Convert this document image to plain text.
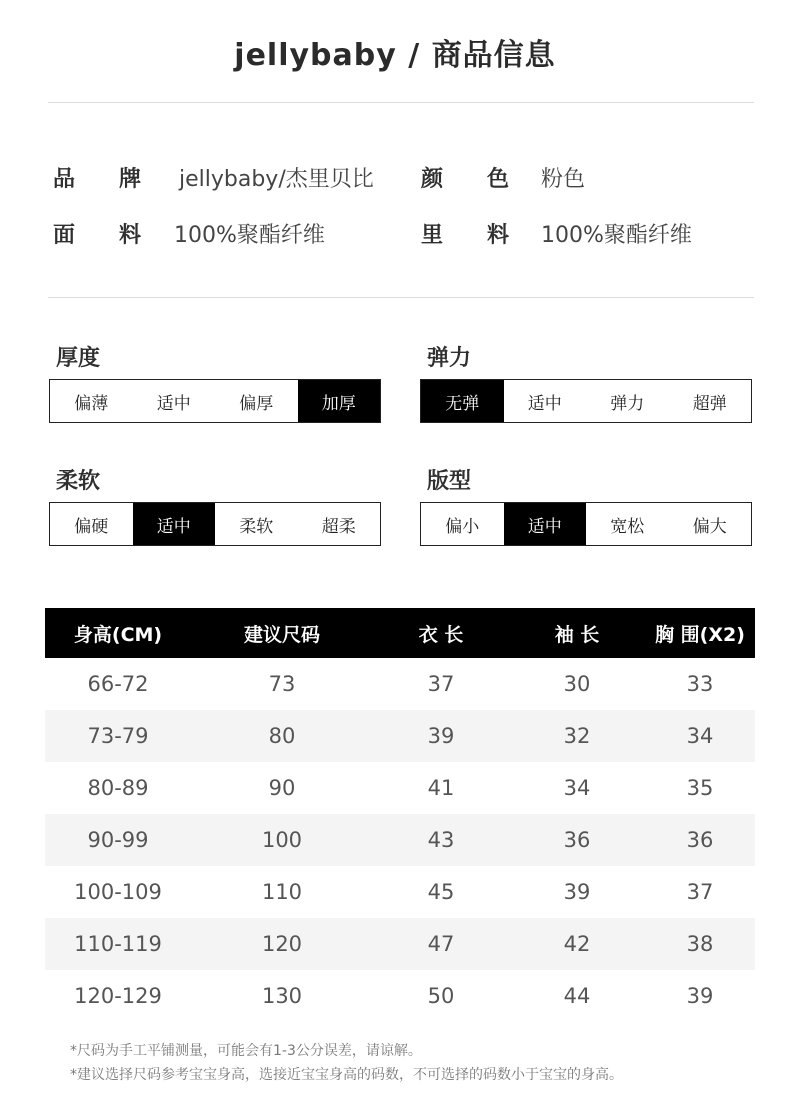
jellybaby / 商品信息
品 牌 jellybaby/杰里贝比 颜 色 粉色
面 料 100%聚酯纤维	里 料 100%聚酯纤维
厚度
偏薄	适中	偏厚	加厚
弹力
无弹	适中	弹力	超弹
柔软
偏硬	适中	柔软	超柔
版型
偏小	适中	宽松	偏大
身高(CM)	建议尺码	衣 长	袖 长	胸 围(X2)
66-72	73	37	30	33
73-79	80	39	32	34
80-89	90	41	34	35
90-99	100	43	36	36
100-109	110	45	39	37
110-119	120	47	42	38
120-129	130	50	44	39
*尺码为手工平铺测量，可能会有1-3公分误差，请谅解。
*建议选择尺码参考宝宝身高，选接近宝宝身高的码数，不可选择的码数小于宝宝的身高。
